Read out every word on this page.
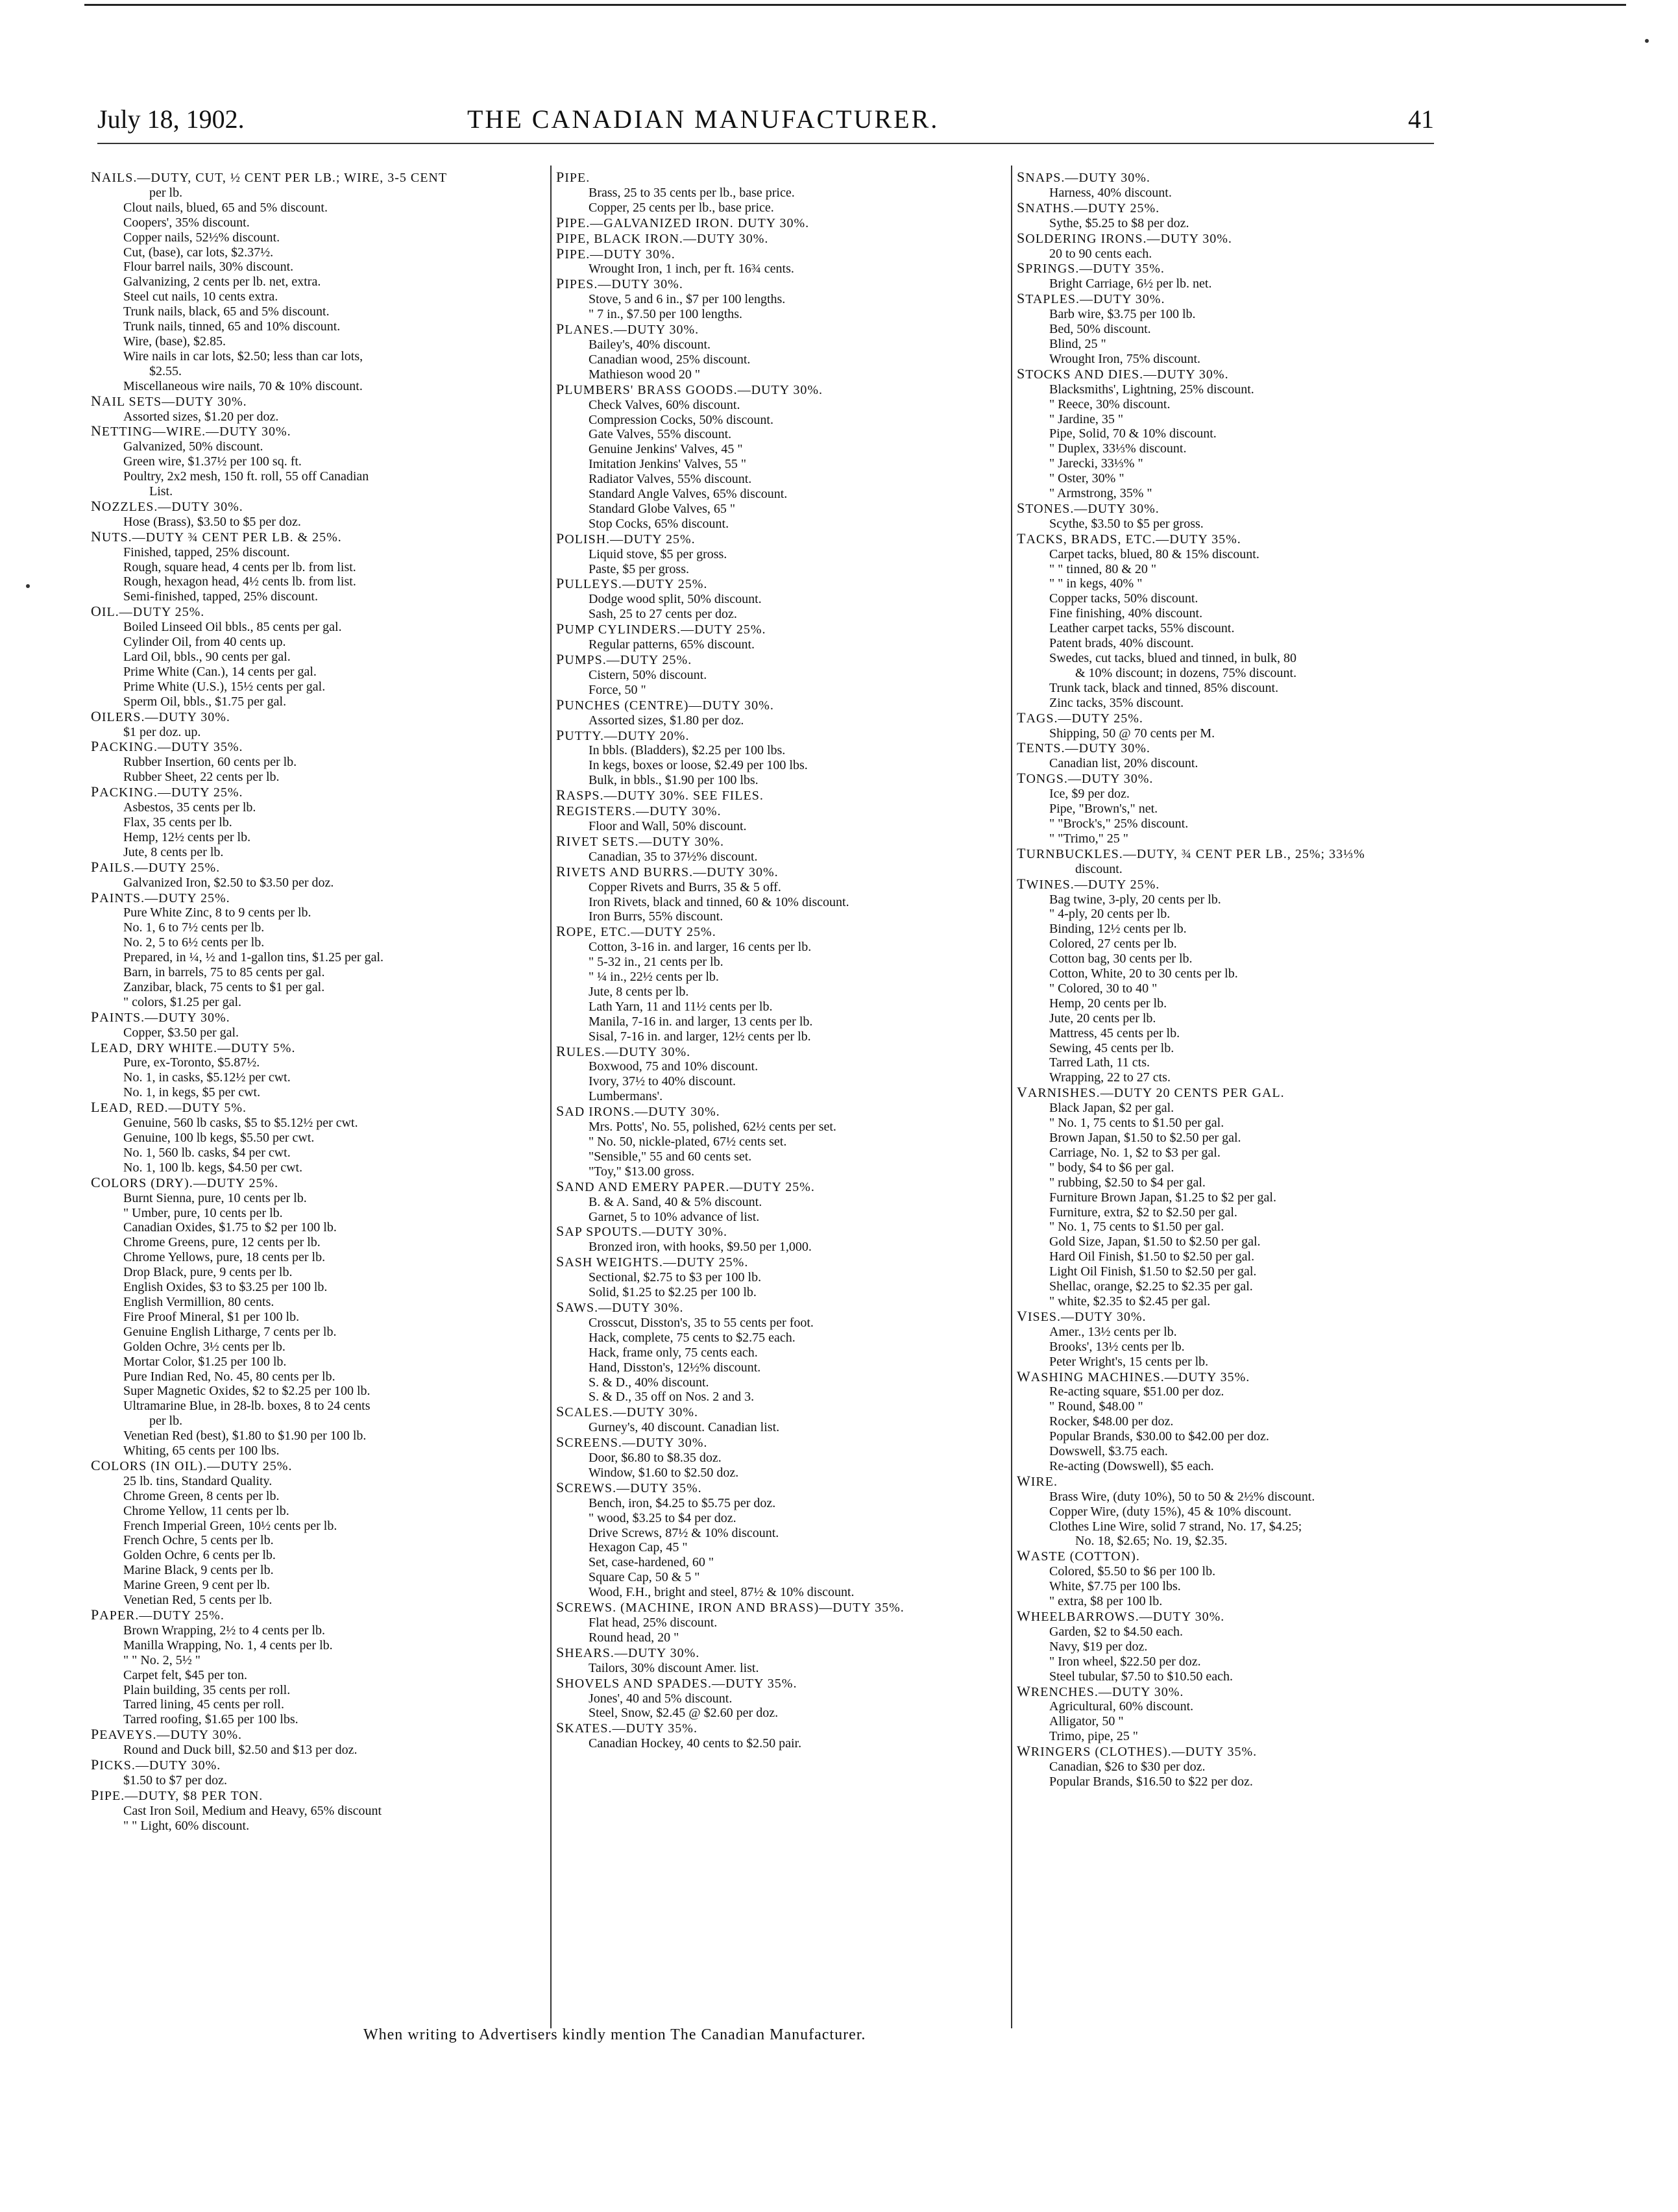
July 18, 1902.	THE CANADIAN MANUFACTURER.	41
NAILS.—DUTY, CUT, ½ CENT PER LB.; WIRE, 3-5 CENT
per lb.
Clout nails, blued, 65 and 5% discount.
Coopers', 35% discount.
Copper nails, 52½% discount.
Cut, (base), car lots, $2.37½.
Flour barrel nails, 30% discount.
Galvanizing, 2 cents per lb. net, extra.
Steel cut nails, 10 cents extra.
Trunk nails, black, 65 and 5% discount.
Trunk nails, tinned, 65 and 10% discount.
Wire, (base), $2.85.
Wire nails in car lots, $2.50; less than car lots,
$2.55.
Miscellaneous wire nails, 70 & 10% discount.
NAIL SETS—DUTY 30%.
Assorted sizes, $1.20 per doz.
NETTING—WIRE.—DUTY 30%.
Galvanized, 50% discount.
Green wire, $1.37½ per 100 sq. ft.
Poultry, 2x2 mesh, 150 ft. roll, 55 off Canadian
List.
NOZZLES.—DUTY 30%.
Hose (Brass), $3.50 to $5 per doz.
NUTS.—DUTY ¾ CENT PER LB. & 25%.
Finished, tapped, 25% discount.
Rough, square head, 4 cents per lb. from list.
Rough, hexagon head, 4½ cents lb. from list.
Semi-finished, tapped, 25% discount.
OIL.—DUTY 25%.
Boiled Linseed Oil bbls., 85 cents per gal.
Cylinder Oil, from 40 cents up.
Lard Oil, bbls., 90 cents per gal.
Prime White (Can.), 14 cents per gal.
Prime White (U.S.), 15½ cents per gal.
Sperm Oil, bbls., $1.75 per gal.
OILERS.—DUTY 30%.
$1 per doz. up.
PACKING.—DUTY 35%.
Rubber Insertion, 60 cents per lb.
Rubber Sheet, 22 cents per lb.
PACKING.—DUTY 25%.
Asbestos, 35 cents per lb.
Flax, 35 cents per lb.
Hemp, 12½ cents per lb.
Jute, 8 cents per lb.
PAILS.—DUTY 25%.
Galvanized Iron, $2.50 to $3.50 per doz.
PAINTS.—DUTY 25%.
Pure White Zinc, 8 to 9 cents per lb.
No. 1, 6 to 7½ cents per lb.
No. 2, 5 to 6½ cents per lb.
Prepared, in ¼, ½ and 1-gallon tins, $1.25 per gal.
Barn, in barrels, 75 to 85 cents per gal.
Zanzibar, black, 75 cents to $1 per gal.
" colors, $1.25 per gal.
PAINTS.—DUTY 30%.
Copper, $3.50 per gal.
LEAD, DRY WHITE.—DUTY 5%.
Pure, ex-Toronto, $5.87½.
No. 1, in casks, $5.12½ per cwt.
No. 1, in kegs, $5 per cwt.
LEAD, RED.—DUTY 5%.
Genuine, 560 lb casks, $5 to $5.12½ per cwt.
Genuine, 100 lb kegs, $5.50 per cwt.
No. 1, 560 lb. casks, $4 per cwt.
No. 1, 100 lb. kegs, $4.50 per cwt.
COLORS (DRY).—DUTY 25%.
Burnt Sienna, pure, 10 cents per lb.
" Umber, pure, 10 cents per lb.
Canadian Oxides, $1.75 to $2 per 100 lb.
Chrome Greens, pure, 12 cents per lb.
Chrome Yellows, pure, 18 cents per lb.
Drop Black, pure, 9 cents per lb.
English Oxides, $3 to $3.25 per 100 lb.
English Vermillion, 80 cents.
Fire Proof Mineral, $1 per 100 lb.
Genuine English Litharge, 7 cents per lb.
Golden Ochre, 3½ cents per lb.
Mortar Color, $1.25 per 100 lb.
Pure Indian Red, No. 45, 80 cents per lb.
Super Magnetic Oxides, $2 to $2.25 per 100 lb.
Ultramarine Blue, in 28-lb. boxes, 8 to 24 cents
per lb.
Venetian Red (best), $1.80 to $1.90 per 100 lb.
Whiting, 65 cents per 100 lbs.
COLORS (IN OIL).—DUTY 25%.
25 lb. tins, Standard Quality.
Chrome Green, 8 cents per lb.
Chrome Yellow, 11 cents per lb.
French Imperial Green, 10½ cents per lb.
French Ochre, 5 cents per lb.
Golden Ochre, 6 cents per lb.
Marine Black, 9 cents per lb.
Marine Green, 9 cent per lb.
Venetian Red, 5 cents per lb.
PAPER.—DUTY 25%.
Brown Wrapping, 2½ to 4 cents per lb.
Manilla Wrapping, No. 1, 4 cents per lb.
" " No. 2, 5½ "
Carpet felt, $45 per ton.
Plain building, 35 cents per roll.
Tarred lining, 45 cents per roll.
Tarred roofing, $1.65 per 100 lbs.
PEAVEYS.—DUTY 30%.
Round and Duck bill, $2.50 and $13 per doz.
PICKS.—DUTY 30%.
$1.50 to $7 per doz.
PIPE.—DUTY, $8 PER TON.
Cast Iron Soil, Medium and Heavy, 65% discount
" " Light, 60% discount.
PIPE.
Brass, 25 to 35 cents per lb., base price.
Copper, 25 cents per lb., base price.
PIPE.—GALVANIZED IRON. DUTY 30%.
PIPE, BLACK IRON.—DUTY 30%.
PIPE.—DUTY 30%.
Wrought Iron, 1 inch, per ft. 16¾ cents.
PIPES.—DUTY 30%.
Stove, 5 and 6 in., $7 per 100 lengths.
" 7 in., $7.50 per 100 lengths.
PLANES.—DUTY 30%.
Bailey's, 40% discount.
Canadian wood, 25% discount.
Mathieson wood 20 "
PLUMBERS' BRASS GOODS.—DUTY 30%.
Check Valves, 60% discount.
Compression Cocks, 50% discount.
Gate Valves, 55% discount.
Genuine Jenkins' Valves, 45 "
Imitation Jenkins' Valves, 55 "
Radiator Valves, 55% discount.
Standard Angle Valves, 65% discount.
Standard Globe Valves, 65 "
Stop Cocks, 65% discount.
POLISH.—DUTY 25%.
Liquid stove, $5 per gross.
Paste, $5 per gross.
PULLEYS.—DUTY 25%.
Dodge wood split, 50% discount.
Sash, 25 to 27 cents per doz.
PUMP CYLINDERS.—DUTY 25%.
Regular patterns, 65% discount.
PUMPS.—DUTY 25%.
Cistern, 50% discount.
Force, 50 "
PUNCHES (CENTRE)—DUTY 30%.
Assorted sizes, $1.80 per doz.
PUTTY.—DUTY 20%.
In bbls. (Bladders), $2.25 per 100 lbs.
In kegs, boxes or loose, $2.49 per 100 lbs.
Bulk, in bbls., $1.90 per 100 lbs.
RASPS.—DUTY 30%. SEE FILES.
REGISTERS.—DUTY 30%.
Floor and Wall, 50% discount.
RIVET SETS.—DUTY 30%.
Canadian, 35 to 37½% discount.
RIVETS AND BURRS.—DUTY 30%.
Copper Rivets and Burrs, 35 & 5 off.
Iron Rivets, black and tinned, 60 & 10% discount.
Iron Burrs, 55% discount.
ROPE, ETC.—DUTY 25%.
Cotton, 3-16 in. and larger, 16 cents per lb.
" 5-32 in., 21 cents per lb.
" ¼ in., 22½ cents per lb.
Jute, 8 cents per lb.
Lath Yarn, 11 and 11½ cents per lb.
Manila, 7-16 in. and larger, 13 cents per lb.
Sisal, 7-16 in. and larger, 12½ cents per lb.
RULES.—DUTY 30%.
Boxwood, 75 and 10% discount.
Ivory, 37½ to 40% discount.
Lumbermans'.
SAD IRONS.—DUTY 30%.
Mrs. Potts', No. 55, polished, 62½ cents per set.
" No. 50, nickle-plated, 67½ cents set.
"Sensible," 55 and 60 cents set.
"Toy," $13.00 gross.
SAND AND EMERY PAPER.—DUTY 25%.
B. & A. Sand, 40 & 5% discount.
Garnet, 5 to 10% advance of list.
SAP SPOUTS.—DUTY 30%.
Bronzed iron, with hooks, $9.50 per 1,000.
SASH WEIGHTS.—DUTY 25%.
Sectional, $2.75 to $3 per 100 lb.
Solid, $1.25 to $2.25 per 100 lb.
SAWS.—DUTY 30%.
Crosscut, Disston's, 35 to 55 cents per foot.
Hack, complete, 75 cents to $2.75 each.
Hack, frame only, 75 cents each.
Hand, Disston's, 12½% discount.
S. & D., 40% discount.
S. & D., 35 off on Nos. 2 and 3.
SCALES.—DUTY 30%.
Gurney's, 40 discount. Canadian list.
SCREENS.—DUTY 30%.
Door, $6.80 to $8.35 doz.
Window, $1.60 to $2.50 doz.
SCREWS.—DUTY 35%.
Bench, iron, $4.25 to $5.75 per doz.
" wood, $3.25 to $4 per doz.
Drive Screws, 87½ & 10% discount.
Hexagon Cap, 45 "
Set, case-hardened, 60 "
Square Cap, 50 & 5 "
Wood, F.H., bright and steel, 87½ & 10% discount.
SCREWS. (MACHINE, IRON AND BRASS)—DUTY 35%.
Flat head, 25% discount.
Round head, 20 "
SHEARS.—DUTY 30%.
Tailors, 30% discount Amer. list.
SHOVELS AND SPADES.—DUTY 35%.
Jones', 40 and 5% discount.
Steel, Snow, $2.45 @ $2.60 per doz.
SKATES.—DUTY 35%.
Canadian Hockey, 40 cents to $2.50 pair.
SNAPS.—DUTY 30%.
Harness, 40% discount.
SNATHS.—DUTY 25%.
Sythe, $5.25 to $8 per doz.
SOLDERING IRONS.—DUTY 30%.
20 to 90 cents each.
SPRINGS.—DUTY 35%.
Bright Carriage, 6½ per lb. net.
STAPLES.—DUTY 30%.
Barb wire, $3.75 per 100 lb.
Bed, 50% discount.
Blind, 25 "
Wrought Iron, 75% discount.
STOCKS AND DIES.—DUTY 30%.
Blacksmiths', Lightning, 25% discount.
" Reece, 30% discount.
" Jardine, 35 "
Pipe, Solid, 70 & 10% discount.
" Duplex, 33⅓% discount.
" Jarecki, 33⅓% "
" Oster, 30% "
" Armstrong, 35% "
STONES.—DUTY 30%.
Scythe, $3.50 to $5 per gross.
TACKS, BRADS, ETC.—DUTY 35%.
Carpet tacks, blued, 80 & 15% discount.
" " tinned, 80 & 20 "
" " in kegs, 40% "
Copper tacks, 50% discount.
Fine finishing, 40% discount.
Leather carpet tacks, 55% discount.
Patent brads, 40% discount.
Swedes, cut tacks, blued and tinned, in bulk, 80
& 10% discount; in dozens, 75% discount.
Trunk tack, black and tinned, 85% discount.
Zinc tacks, 35% discount.
TAGS.—DUTY 25%.
Shipping, 50 @ 70 cents per M.
TENTS.—DUTY 30%.
Canadian list, 20% discount.
TONGS.—DUTY 30%.
Ice, $9 per doz.
Pipe, "Brown's," net.
" "Brock's," 25% discount.
" "Trimo," 25 "
TURNBUCKLES.—DUTY, ¾ CENT PER LB., 25%; 33⅓%
discount.
TWINES.—DUTY 25%.
Bag twine, 3-ply, 20 cents per lb.
" 4-ply, 20 cents per lb.
Binding, 12½ cents per lb.
Colored, 27 cents per lb.
Cotton bag, 30 cents per lb.
Cotton, White, 20 to 30 cents per lb.
" Colored, 30 to 40 "
Hemp, 20 cents per lb.
Jute, 20 cents per lb.
Mattress, 45 cents per lb.
Sewing, 45 cents per lb.
Tarred Lath, 11 cts.
Wrapping, 22 to 27 cts.
VARNISHES.—DUTY 20 CENTS PER GAL.
Black Japan, $2 per gal.
" No. 1, 75 cents to $1.50 per gal.
Brown Japan, $1.50 to $2.50 per gal.
Carriage, No. 1, $2 to $3 per gal.
" body, $4 to $6 per gal.
" rubbing, $2.50 to $4 per gal.
Furniture Brown Japan, $1.25 to $2 per gal.
Furniture, extra, $2 to $2.50 per gal.
" No. 1, 75 cents to $1.50 per gal.
Gold Size, Japan, $1.50 to $2.50 per gal.
Hard Oil Finish, $1.50 to $2.50 per gal.
Light Oil Finish, $1.50 to $2.50 per gal.
Shellac, orange, $2.25 to $2.35 per gal.
" white, $2.35 to $2.45 per gal.
VISES.—DUTY 30%.
Amer., 13½ cents per lb.
Brooks', 13½ cents per lb.
Peter Wright's, 15 cents per lb.
WASHING MACHINES.—DUTY 35%.
Re-acting square, $51.00 per doz.
" Round, $48.00 "
Rocker, $48.00 per doz.
Popular Brands, $30.00 to $42.00 per doz.
Dowswell, $3.75 each.
Re-acting (Dowswell), $5 each.
WIRE.
Brass Wire, (duty 10%), 50 to 50 & 2½% discount.
Copper Wire, (duty 15%), 45 & 10% discount.
Clothes Line Wire, solid 7 strand, No. 17, $4.25;
No. 18, $2.65; No. 19, $2.35.
WASTE (COTTON).
Colored, $5.50 to $6 per 100 lb.
White, $7.75 per 100 lbs.
" extra, $8 per 100 lb.
WHEELBARROWS.—DUTY 30%.
Garden, $2 to $4.50 each.
Navy, $19 per doz.
" Iron wheel, $22.50 per doz.
Steel tubular, $7.50 to $10.50 each.
WRENCHES.—DUTY 30%.
Agricultural, 60% discount.
Alligator, 50 "
Trimo, pipe, 25 "
WRINGERS (CLOTHES).—DUTY 35%.
Canadian, $26 to $30 per doz.
Popular Brands, $16.50 to $22 per doz.
When writing to Advertisers kindly mention The Canadian Manufacturer.
